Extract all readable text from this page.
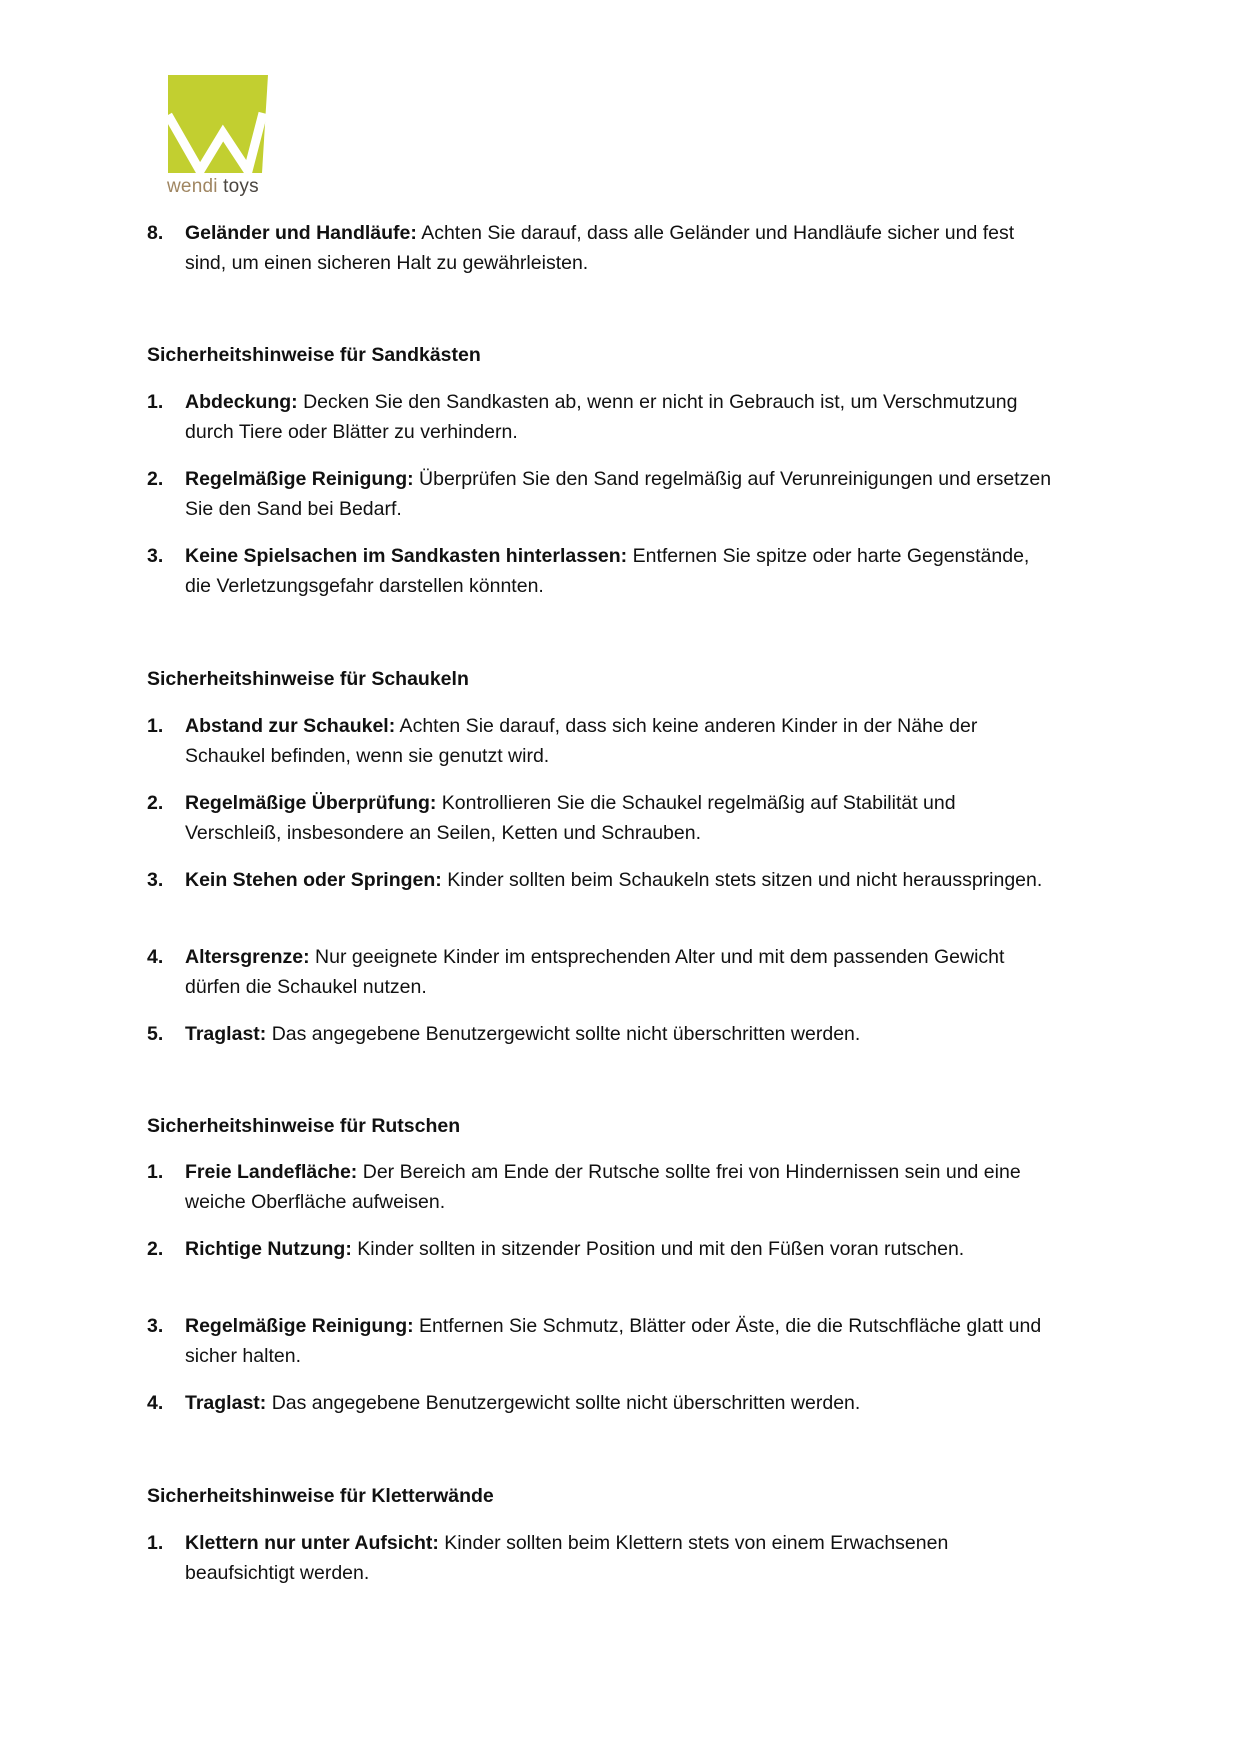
wendi toys
8. Geländer und Handläufe: Achten Sie darauf, dass alle Geländer und Handläufe sicher und fest sind, um einen sicheren Halt zu gewährleisten.
Sicherheitshinweise für Sandkästen
1. Abdeckung: Decken Sie den Sandkasten ab, wenn er nicht in Gebrauch ist, um Verschmutzung durch Tiere oder Blätter zu verhindern.
2. Regelmäßige Reinigung: Überprüfen Sie den Sand regelmäßig auf Verunreinigungen und ersetzen Sie den Sand bei Bedarf.
3. Keine Spielsachen im Sandkasten hinterlassen: Entfernen Sie spitze oder harte Gegenstände, die Verletzungsgefahr darstellen könnten.
Sicherheitshinweise für Schaukeln
1. Abstand zur Schaukel: Achten Sie darauf, dass sich keine anderen Kinder in der Nähe der Schaukel befinden, wenn sie genutzt wird.
2. Regelmäßige Überprüfung: Kontrollieren Sie die Schaukel regelmäßig auf Stabilität und Verschleiß, insbesondere an Seilen, Ketten und Schrauben.
3. Kein Stehen oder Springen: Kinder sollten beim Schaukeln stets sitzen und nicht herausspringen.
4. Altersgrenze: Nur geeignete Kinder im entsprechenden Alter und mit dem passenden Gewicht dürfen die Schaukel nutzen.
5. Traglast: Das angegebene Benutzergewicht sollte nicht überschritten werden.
Sicherheitshinweise für Rutschen
1. Freie Landefläche: Der Bereich am Ende der Rutsche sollte frei von Hindernissen sein und eine weiche Oberfläche aufweisen.
2. Richtige Nutzung: Kinder sollten in sitzender Position und mit den Füßen voran rutschen.
3. Regelmäßige Reinigung: Entfernen Sie Schmutz, Blätter oder Äste, die die Rutschfläche glatt und sicher halten.
4. Traglast: Das angegebene Benutzergewicht sollte nicht überschritten werden.
Sicherheitshinweise für Kletterwände
1. Klettern nur unter Aufsicht: Kinder sollten beim Klettern stets von einem Erwachsenen beaufsichtigt werden.
